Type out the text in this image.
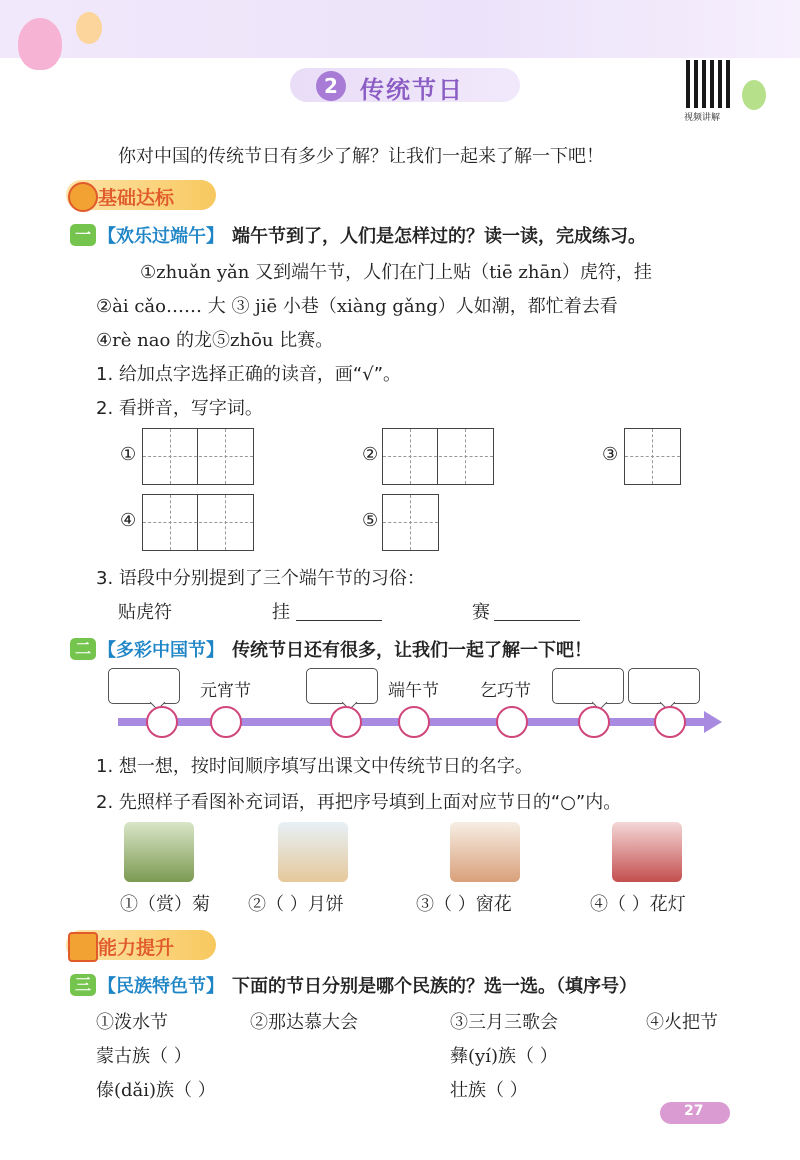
2 传统节日
视频讲解
你对中国的传统节日有多少了解？让我们一起来了解一下吧！
基础达标
一 【欢乐过端午】 端午节到了，人们是怎样过的？读一读，完成练习。
①zhuǎn yǎn 又到端午节，人们在门上贴（tiē zhān）虎符，挂
②ài cǎo…… 大 ③ jiē 小巷（xiàng gǎng）人如潮，都忙着去看
④rè nao 的龙⑤zhōu 比赛。
1. 给加点字选择正确的读音，画“√”。
2. 看拼音，写字词。
①	②	③
④	⑤
3. 语段中分别提到了三个端午节的习俗：
贴虎符	挂	赛
二 【多彩中国节】 传统节日还有很多，让我们一起了解一下吧！
元宵节	端午节 乞巧节
1. 想一想，按时间顺序填写出课文中传统节日的名字。
2. 先照样子看图补充词语，再把序号填到上面对应节日的“○”内。
①（赏）菊 ②（ ）月饼	③（ ）窗花	④（ ）花灯
能力提升
三 【民族特色节】 下面的节日分别是哪个民族的？选一选。（填序号）
①泼水节	②那达慕大会	③三月三歌会	④火把节
蒙古族（ ）	彝(yí)族（ ）
傣(dǎi)族（ ）	壮族（ ）
27
